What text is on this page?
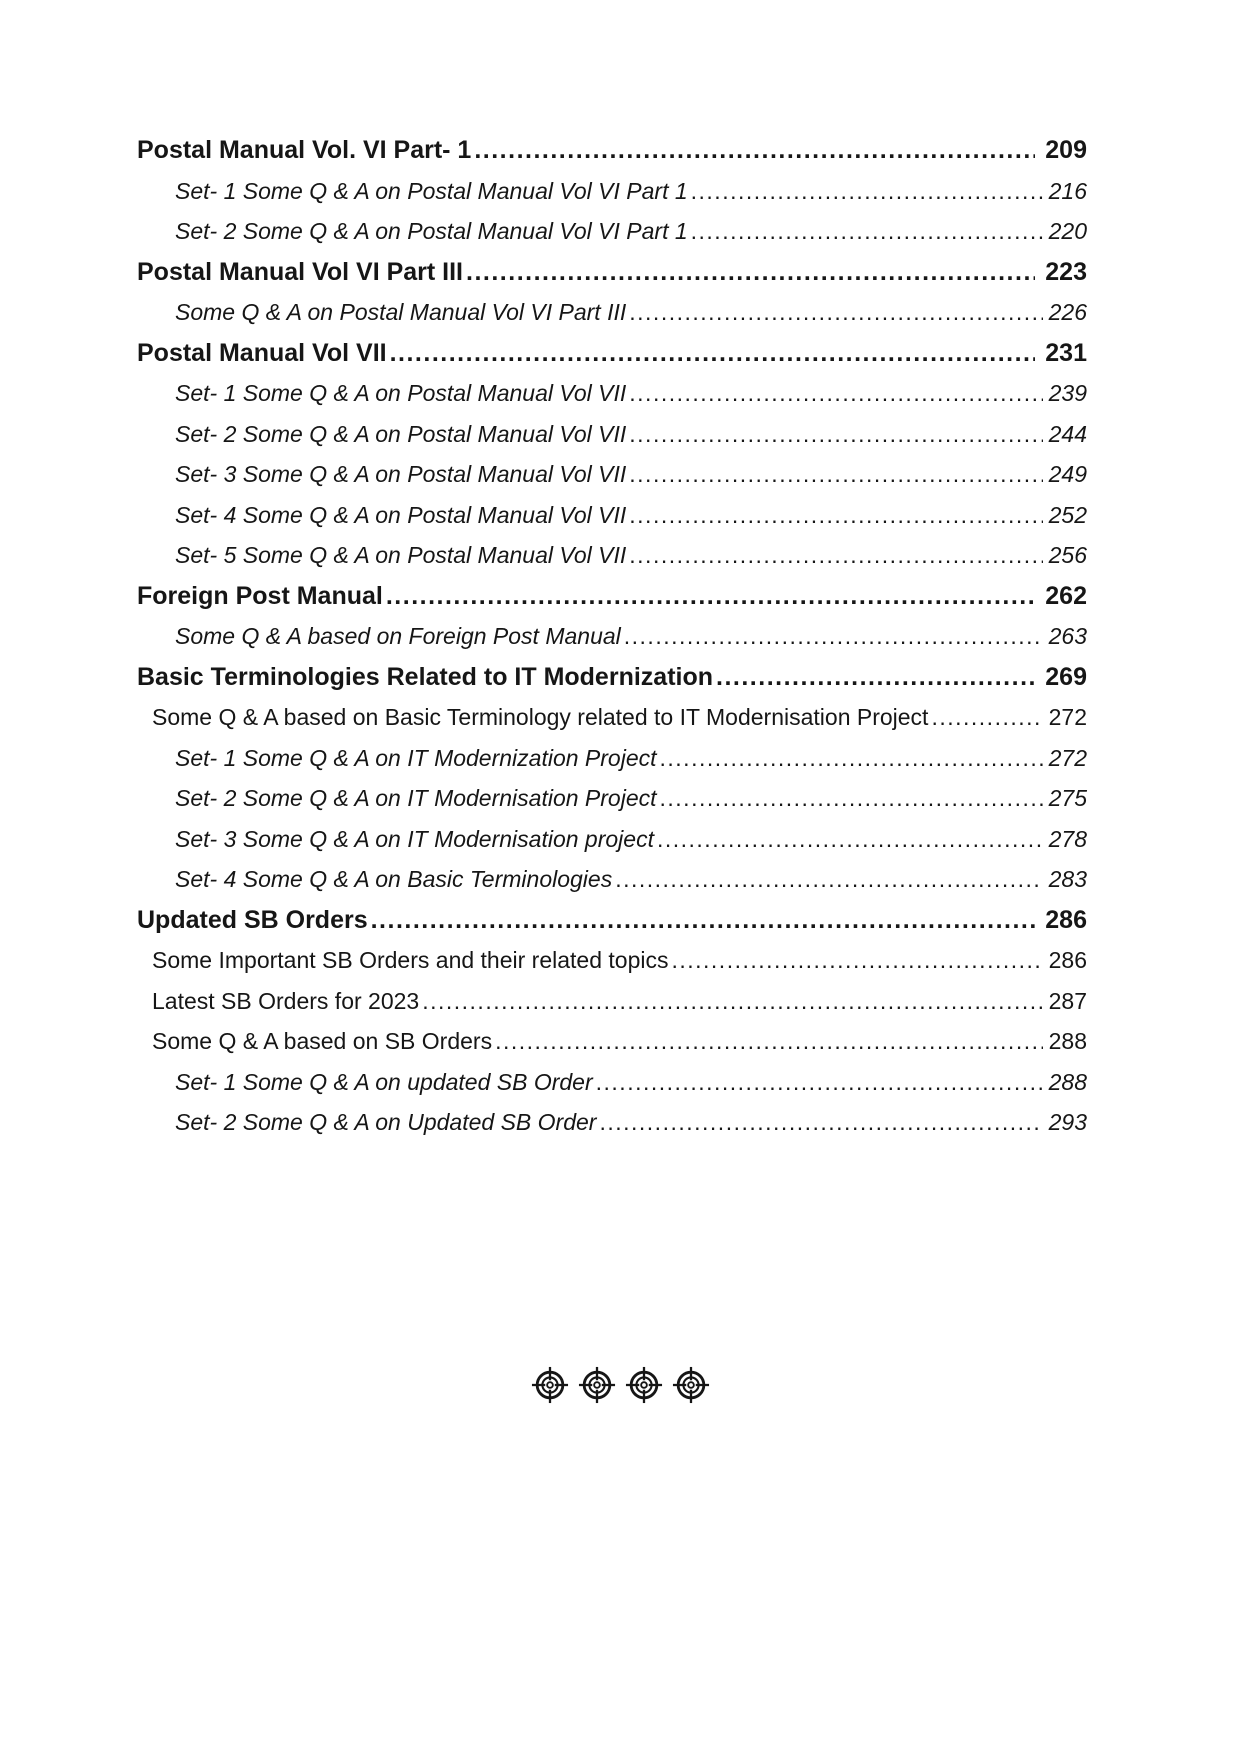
Postal Manual Vol. VI Part- 1 .....	209
Set- 1 Some Q & A on Postal Manual Vol VI Part 1 .....	216
Set- 2 Some Q & A on Postal Manual Vol VI Part 1 .....	220
Postal Manual Vol VI Part III .....	223
Some Q & A on Postal Manual Vol VI Part III .....	226
Postal Manual Vol VII .....	231
Set- 1 Some Q & A on Postal Manual Vol VII .....	239
Set- 2 Some Q & A on Postal Manual Vol VII .....	244
Set- 3 Some Q & A on Postal Manual Vol VII .....	249
Set- 4 Some Q & A on Postal Manual Vol VII .....	252
Set- 5 Some Q & A on Postal Manual Vol VII .....	256
Foreign Post Manual .....	262
Some Q & A based on Foreign Post Manual .....	263
Basic Terminologies Related to IT Modernization .....	269
Some Q & A based on Basic Terminology related to IT Modernisation Project .....	272
Set- 1 Some Q & A on IT Modernization Project .....	272
Set- 2 Some Q & A on IT Modernisation Project .....	275
Set- 3 Some Q & A on IT Modernisation project .....	278
Set- 4 Some Q & A on Basic Terminologies .....	283
Updated SB Orders .....	286
Some Important SB Orders and their related topics .....	286
Latest SB Orders for 2023 .....	287
Some Q & A based on SB Orders .....	288
Set- 1 Some Q & A on updated SB Order .....	288
Set- 2 Some Q & A on Updated SB Order .....	293
